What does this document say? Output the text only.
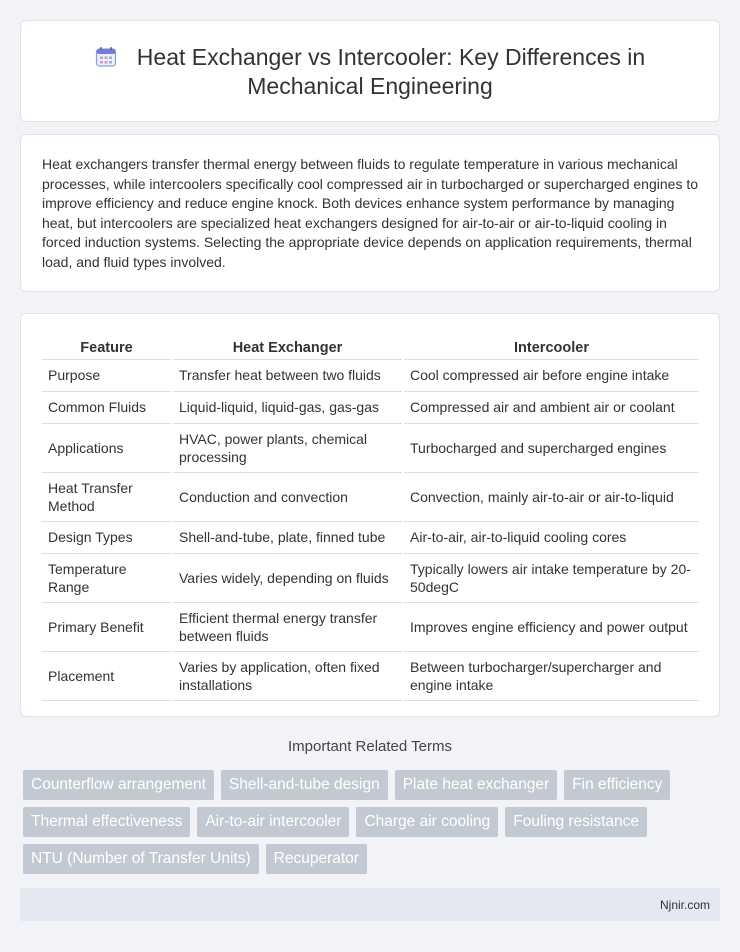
Heat Exchanger vs Intercooler: Key Differences in Mechanical Engineering

Heat exchangers transfer thermal energy between fluids to regulate temperature in various mechanical processes, while intercoolers specifically cool compressed air in turbocharged or supercharged engines to improve efficiency and reduce engine knock. Both devices enhance system performance by managing heat, but intercoolers are specialized heat exchangers designed for air-to-air or air-to-liquid cooling in forced induction systems. Selecting the appropriate device depends on application requirements, thermal load, and fluid types involved.

Feature	Heat Exchanger	Intercooler
Purpose	Transfer heat between two fluids	Cool compressed air before engine intake
Common Fluids	Liquid-liquid, liquid-gas, gas-gas	Compressed air and ambient air or coolant
Applications	HVAC, power plants, chemical processing	Turbocharged and supercharged engines
Heat Transfer Method	Conduction and convection	Convection, mainly air-to-air or air-to-liquid
Design Types	Shell-and-tube, plate, finned tube	Air-to-air, air-to-liquid cooling cores
Temperature Range	Varies widely, depending on fluids	Typically lowers air intake temperature by 20-50degC
Primary Benefit	Efficient thermal energy transfer between fluids	Improves engine efficiency and power output
Placement	Varies by application, often fixed installations	Between turbocharger/supercharger and engine intake
Important Related Terms
Counterflow arrangement	Shell-and-tube design	Plate heat exchanger	Fin efficiency
Thermal effectiveness	Air-to-air intercooler	Charge air cooling	Fouling resistance
NTU (Number of Transfer Units)	Recuperator
Njnir.com
